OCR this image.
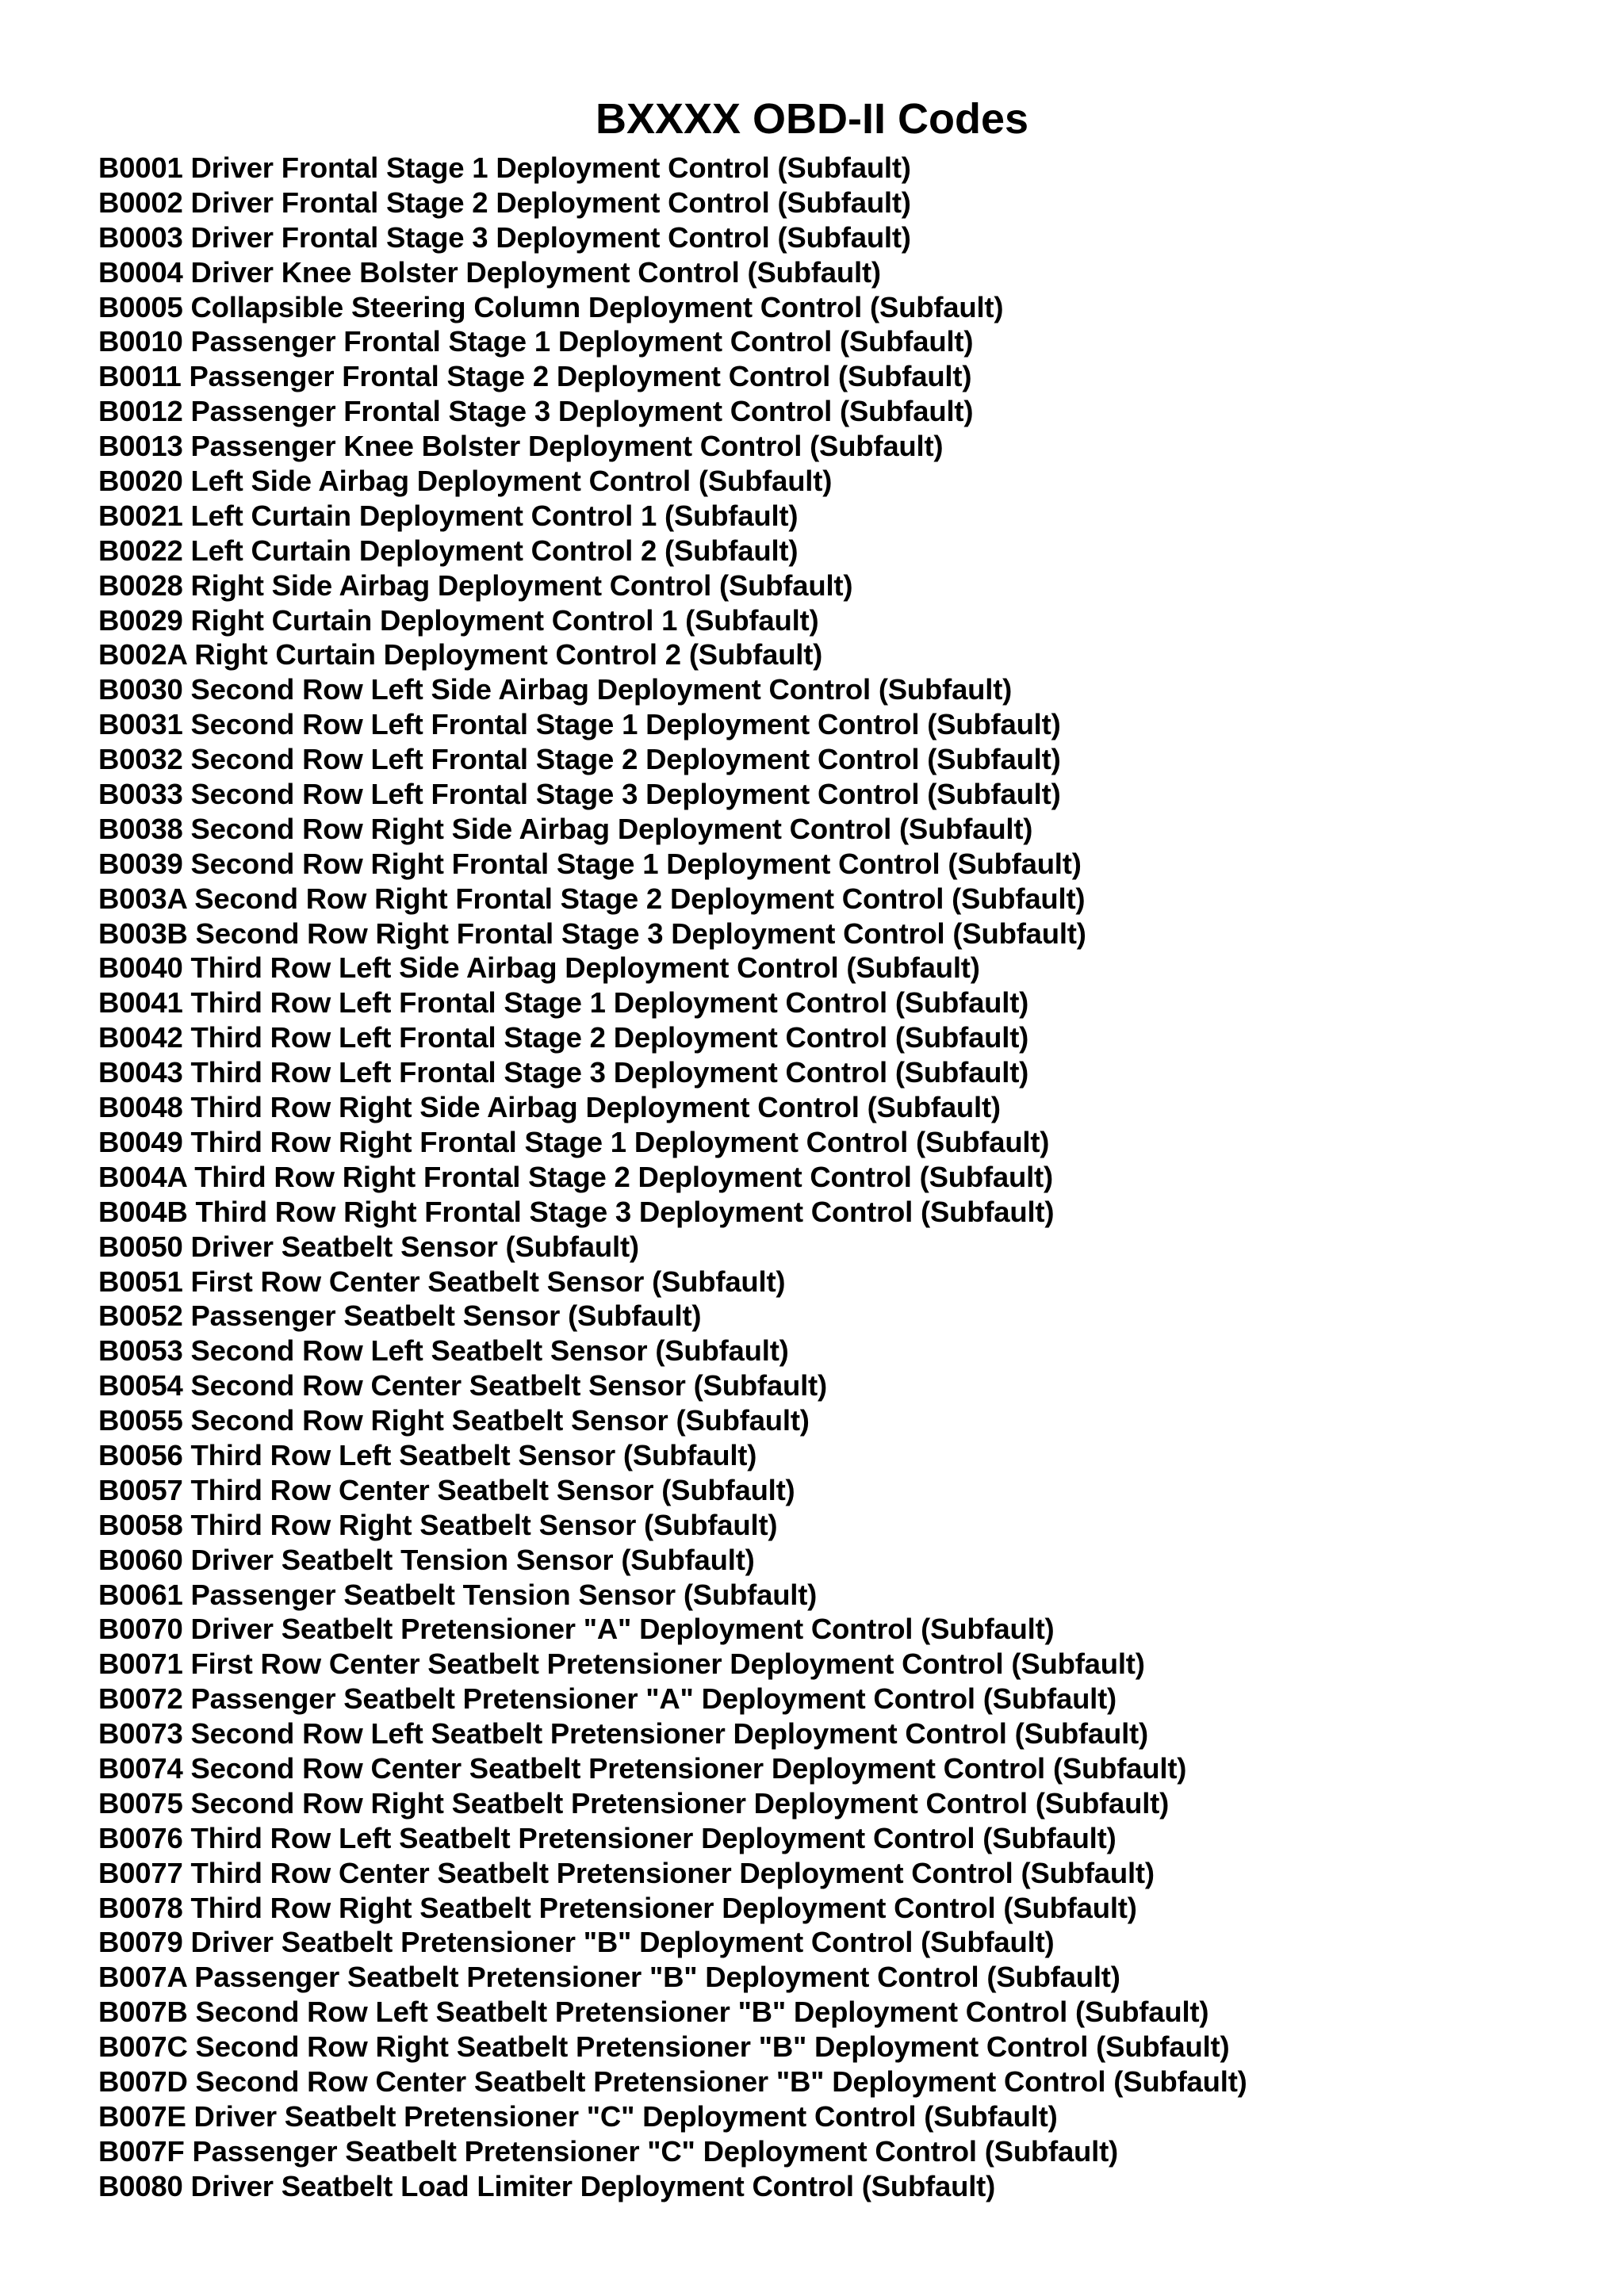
BXXXX OBD-II Codes
B0001 Driver Frontal Stage 1 Deployment Control (Subfault)
B0002 Driver Frontal Stage 2 Deployment Control (Subfault)
B0003 Driver Frontal Stage 3 Deployment Control (Subfault)
B0004 Driver Knee Bolster Deployment Control (Subfault)
B0005 Collapsible Steering Column Deployment Control (Subfault)
B0010 Passenger Frontal Stage 1 Deployment Control (Subfault)
B0011 Passenger Frontal Stage 2 Deployment Control (Subfault)
B0012 Passenger Frontal Stage 3 Deployment Control (Subfault)
B0013 Passenger Knee Bolster Deployment Control (Subfault)
B0020 Left Side Airbag Deployment Control (Subfault)
B0021 Left Curtain Deployment Control 1 (Subfault)
B0022 Left Curtain Deployment Control 2 (Subfault)
B0028 Right Side Airbag Deployment Control (Subfault)
B0029 Right Curtain Deployment Control 1 (Subfault)
B002A Right Curtain Deployment Control 2 (Subfault)
B0030 Second Row Left Side Airbag Deployment Control (Subfault)
B0031 Second Row Left Frontal Stage 1 Deployment Control (Subfault)
B0032 Second Row Left Frontal Stage 2 Deployment Control (Subfault)
B0033 Second Row Left Frontal Stage 3 Deployment Control (Subfault)
B0038 Second Row Right Side Airbag Deployment Control (Subfault)
B0039 Second Row Right Frontal Stage 1 Deployment Control (Subfault)
B003A Second Row Right Frontal Stage 2 Deployment Control (Subfault)
B003B Second Row Right Frontal Stage 3 Deployment Control (Subfault)
B0040 Third Row Left Side Airbag Deployment Control (Subfault)
B0041 Third Row Left Frontal Stage 1 Deployment Control (Subfault)
B0042 Third Row Left Frontal Stage 2 Deployment Control (Subfault)
B0043 Third Row Left Frontal Stage 3 Deployment Control (Subfault)
B0048 Third Row Right Side Airbag Deployment Control (Subfault)
B0049 Third Row Right Frontal Stage 1 Deployment Control (Subfault)
B004A Third Row Right Frontal Stage 2 Deployment Control (Subfault)
B004B Third Row Right Frontal Stage 3 Deployment Control (Subfault)
B0050 Driver Seatbelt Sensor (Subfault)
B0051 First Row Center Seatbelt Sensor (Subfault)
B0052 Passenger Seatbelt Sensor (Subfault)
B0053 Second Row Left Seatbelt Sensor (Subfault)
B0054 Second Row Center Seatbelt Sensor (Subfault)
B0055 Second Row Right Seatbelt Sensor (Subfault)
B0056 Third Row Left Seatbelt Sensor (Subfault)
B0057 Third Row Center Seatbelt Sensor (Subfault)
B0058 Third Row Right Seatbelt Sensor (Subfault)
B0060 Driver Seatbelt Tension Sensor (Subfault)
B0061 Passenger Seatbelt Tension Sensor (Subfault)
B0070 Driver Seatbelt Pretensioner "A" Deployment Control (Subfault)
B0071 First Row Center Seatbelt Pretensioner Deployment Control (Subfault)
B0072 Passenger Seatbelt Pretensioner "A" Deployment Control (Subfault)
B0073 Second Row Left Seatbelt Pretensioner Deployment Control (Subfault)
B0074 Second Row Center Seatbelt Pretensioner Deployment Control (Subfault)
B0075 Second Row Right Seatbelt Pretensioner Deployment Control (Subfault)
B0076 Third Row Left Seatbelt Pretensioner Deployment Control (Subfault)
B0077 Third Row Center Seatbelt Pretensioner Deployment Control (Subfault)
B0078 Third Row Right Seatbelt Pretensioner Deployment Control (Subfault)
B0079 Driver Seatbelt Pretensioner "B" Deployment Control (Subfault)
B007A Passenger Seatbelt Pretensioner "B" Deployment Control (Subfault)
B007B Second Row Left Seatbelt Pretensioner "B" Deployment Control (Subfault)
B007C Second Row Right Seatbelt Pretensioner "B" Deployment Control (Subfault)
B007D Second Row Center Seatbelt Pretensioner "B" Deployment Control (Subfault)
B007E Driver Seatbelt Pretensioner "C" Deployment Control (Subfault)
B007F Passenger Seatbelt Pretensioner "C" Deployment Control (Subfault)
B0080 Driver Seatbelt Load Limiter Deployment Control (Subfault)
